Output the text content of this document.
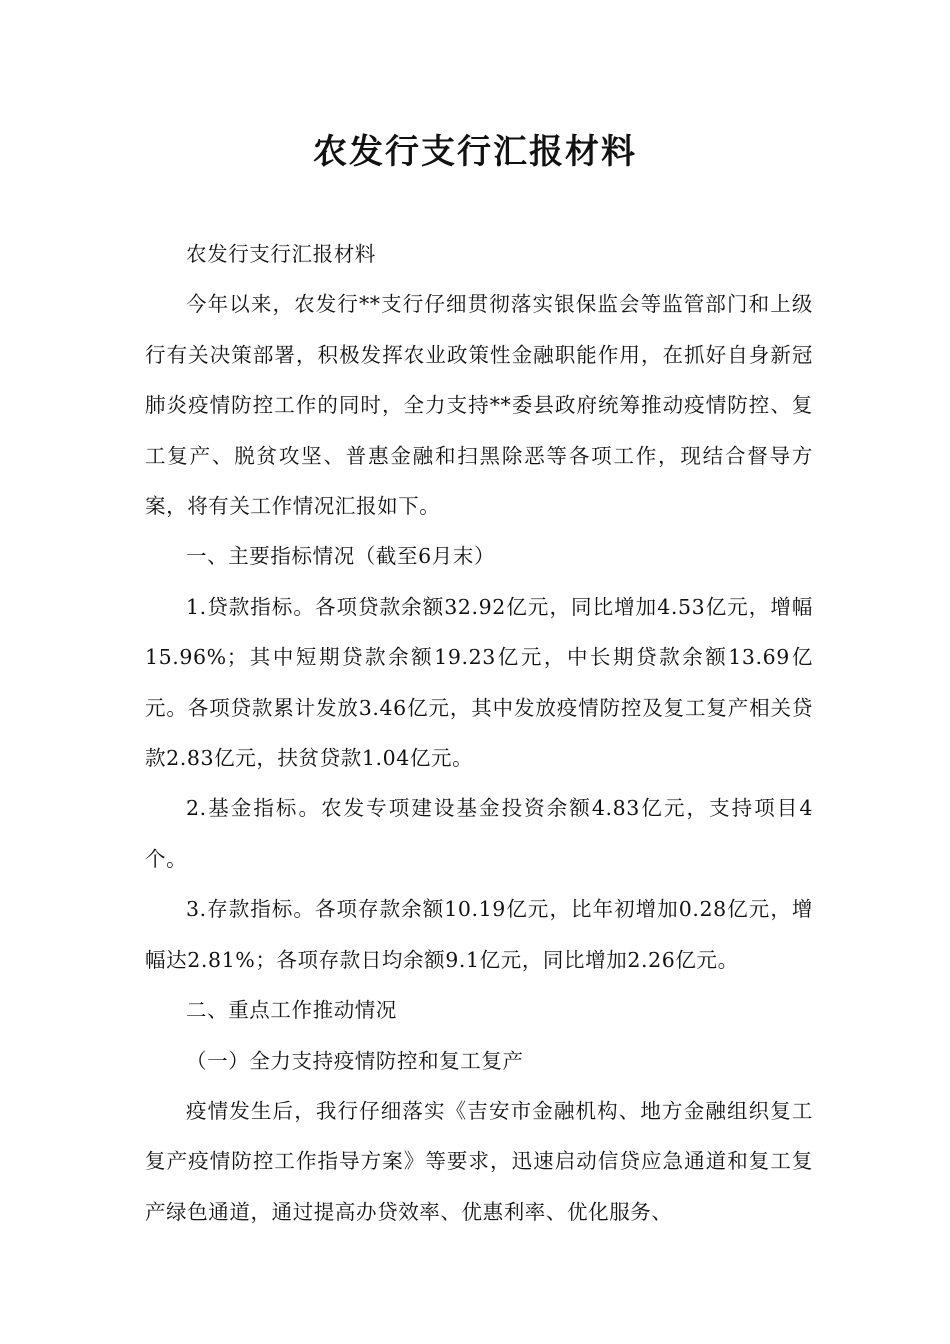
农发行支行汇报材料

农发行支行汇报材料

今年以来，农发行**支行仔细贯彻落实银保监会等监管部门和上级行有关决策部署，积极发挥农业政策性金融职能作用，在抓好自身新冠肺炎疫情防控工作的同时，全力支持**委县政府统筹推动疫情防控、复工复产、脱贫攻坚、普惠金融和扫黑除恶等各项工作，现结合督导方案，将有关工作情况汇报如下。

一、主要指标情况（截至6月末）

1.贷款指标。各项贷款余额32.92亿元，同比增加4.53亿元，增幅15.96%；其中短期贷款余额19.23亿元，中长期贷款余额13.69亿元。各项贷款累计发放3.46亿元，其中发放疫情防控及复工复产相关贷款2.83亿元，扶贫贷款1.04亿元。

2.基金指标。农发专项建设基金投资余额4.83亿元，支持项目4个。

3.存款指标。各项存款余额10.19亿元，比年初增加0.28亿元，增幅达2.81%；各项存款日均余额9.1亿元，同比增加2.26亿元。

二、重点工作推动情况

（一）全力支持疫情防控和复工复产

疫情发生后，我行仔细落实《吉安市金融机构、地方金融组织复工复产疫情防控工作指导方案》等要求，迅速启动信贷应急通道和复工复产绿色通道，通过提高办贷效率、优惠利率、优化服务、
